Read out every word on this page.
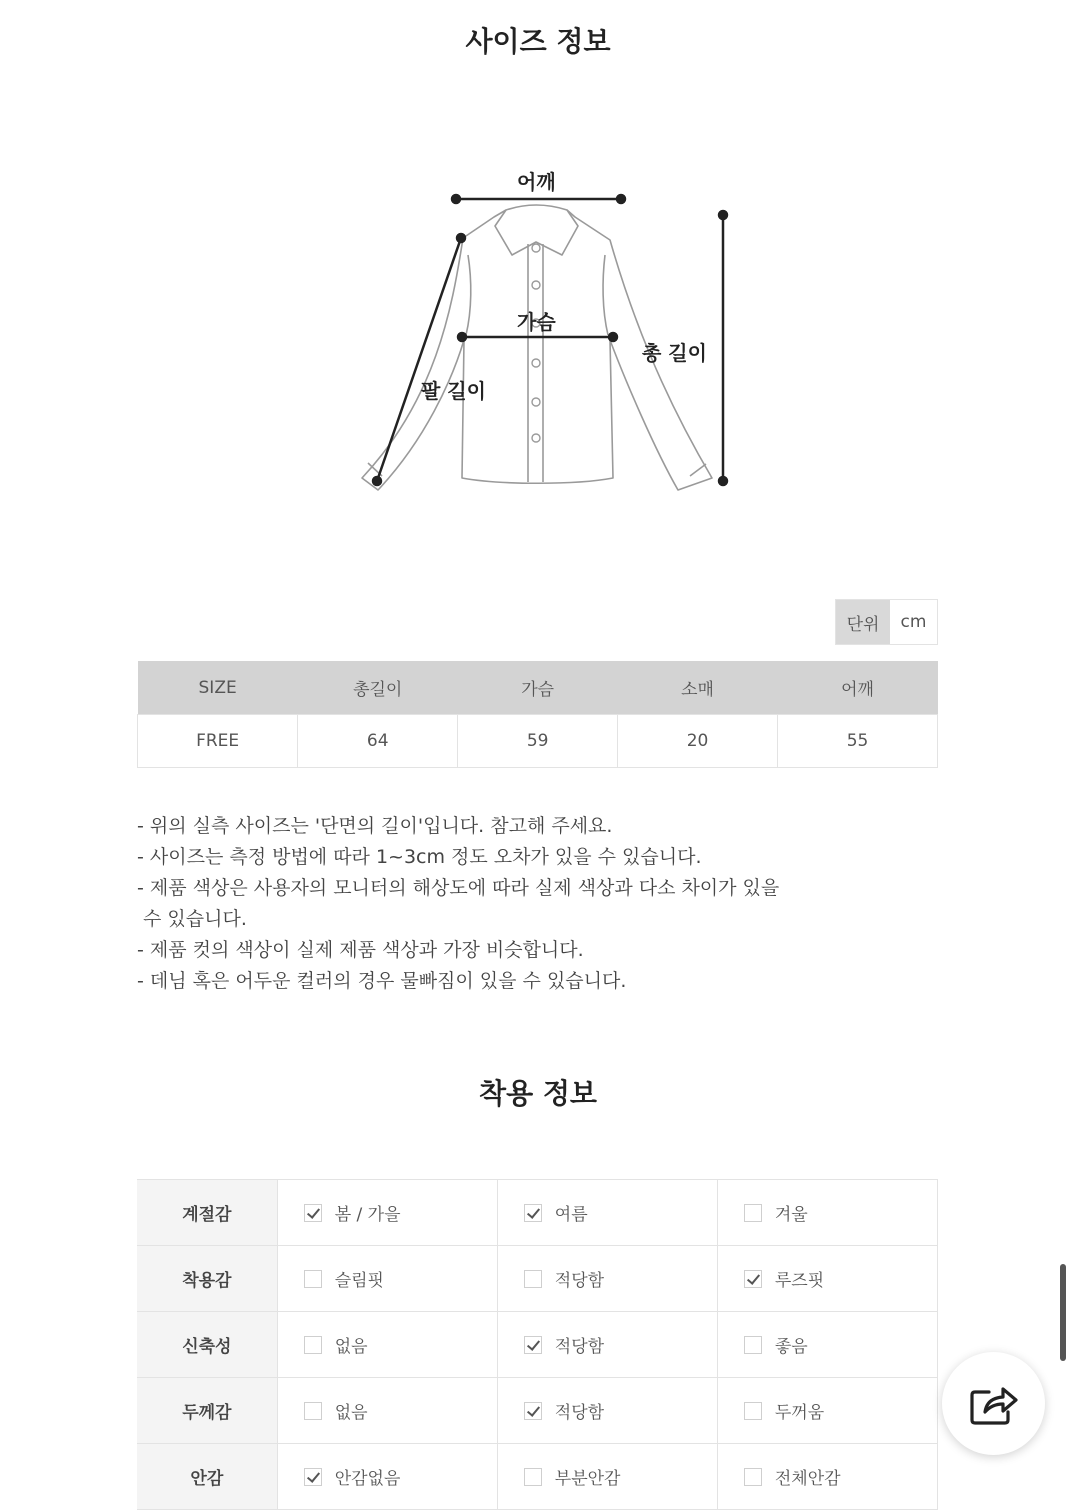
사이즈 정보
어깨
가슴
총 길이
팔 길이
단위	cm
SIZE	총길이	가슴	소매	어깨
FREE	64	59	20	55

- 위의 실측 사이즈는 '단면의 길이'입니다. 참고해 주세요.

- 사이즈는 측정 방법에 따라 1~3cm 정도 오차가 있을 수 있습니다.

- 제품 색상은 사용자의 모니터의 해상도에 따라 실제 색상과 다소 차이가 있을

수 있습니다.

- 제품 컷의 색상이 실제 제품 색상과 가장 비슷합니다.

- 데님 혹은 어두운 컬러의 경우 물빠짐이 있을 수 있습니다.

착용 정보
계절감	봄 / 가을	여름	겨울

착용감	슬림핏	적당함	루즈핏

신축성	없음	적당함	좋음

두께감	없음	적당함	두꺼움

안감	안감없음	부분안감	전체안감
